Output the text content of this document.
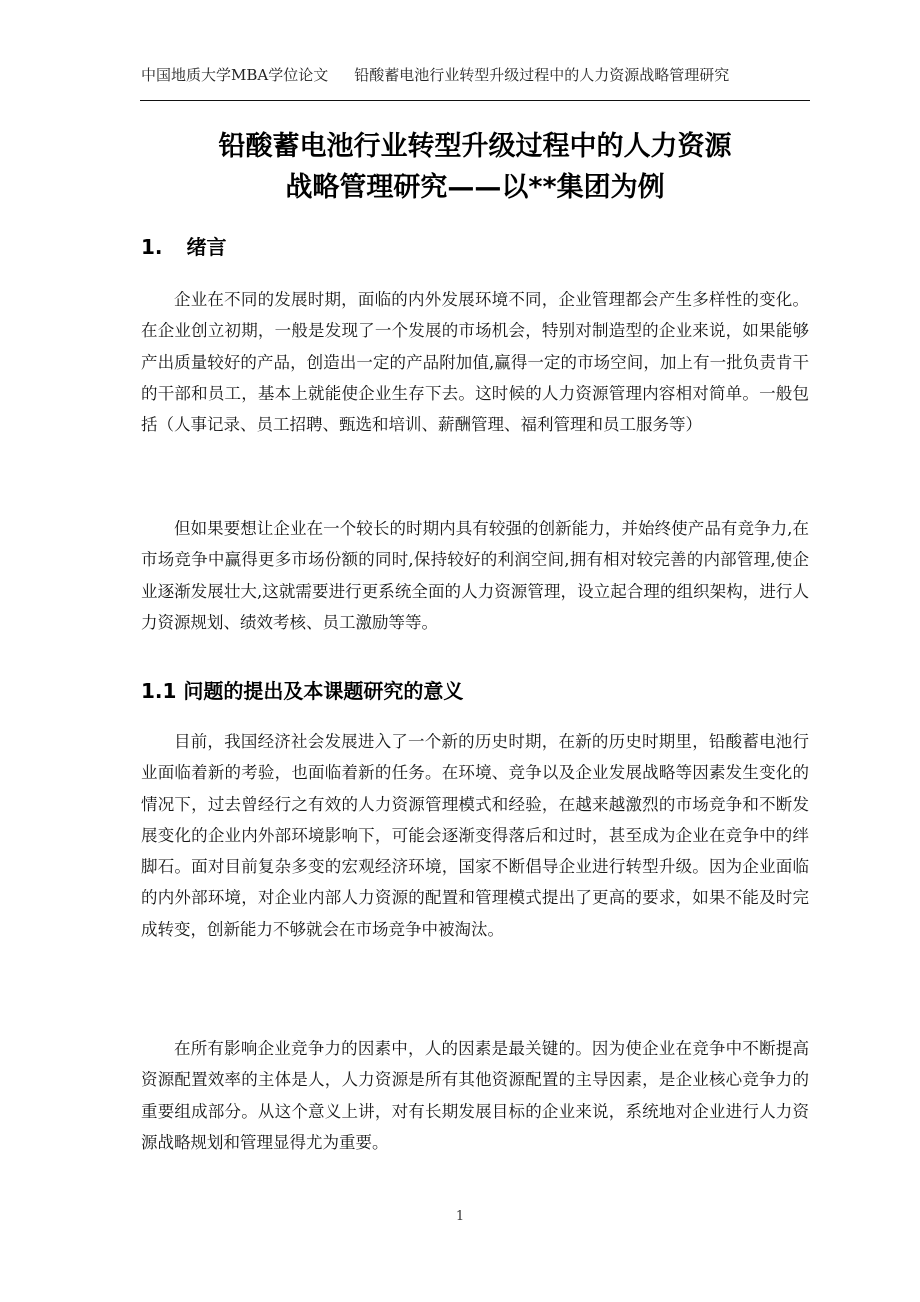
中国地质大学MBA学位论文 铅酸蓄电池行业转型升级过程中的人力资源战略管理研究
铅酸蓄电池行业转型升级过程中的人力资源
战略管理研究——以**集团为例
1. 绪言

企业在不同的发展时期，面临的内外发展环境不同，企业管理都会产生多样性的变化。在企业创立初期，一般是发现了一个发展的市场机会，特别对制造型的企业来说，如果能够产出质量较好的产品，创造出一定的产品附加值,赢得一定的市场空间，加上有一批负责肯干的干部和员工，基本上就能使企业生存下去。这时候的人力资源管理内容相对简单。一般包括（人事记录、员工招聘、甄选和培训、薪酬管理、福利管理和员工服务等）

但如果要想让企业在一个较长的时期内具有较强的创新能力，并始终使产品有竞争力,在市场竞争中赢得更多市场份额的同时,保持较好的利润空间,拥有相对较完善的内部管理,使企业逐渐发展壮大,这就需要进行更系统全面的人力资源管理，设立起合理的组织架构，进行人力资源规划、绩效考核、员工激励等等。

1.1 问题的提出及本课题研究的意义

目前，我国经济社会发展进入了一个新的历史时期，在新的历史时期里，铅酸蓄电池行业面临着新的考验，也面临着新的任务。在环境、竞争以及企业发展战略等因素发生变化的情况下，过去曾经行之有效的人力资源管理模式和经验，在越来越激烈的市场竞争和不断发展变化的企业内外部环境影响下，可能会逐渐变得落后和过时，甚至成为企业在竞争中的绊脚石。面对目前复杂多变的宏观经济环境，国家不断倡导企业进行转型升级。因为企业面临的内外部环境，对企业内部人力资源的配置和管理模式提出了更高的要求，如果不能及时完成转变，创新能力不够就会在市场竞争中被淘汰。

在所有影响企业竞争力的因素中，人的因素是最关键的。因为使企业在竞争中不断提高资源配置效率的主体是人，人力资源是所有其他资源配置的主导因素，是企业核心竞争力的重要组成部分。从这个意义上讲，对有长期发展目标的企业来说，系统地对企业进行人力资源战略规划和管理显得尤为重要。

1
